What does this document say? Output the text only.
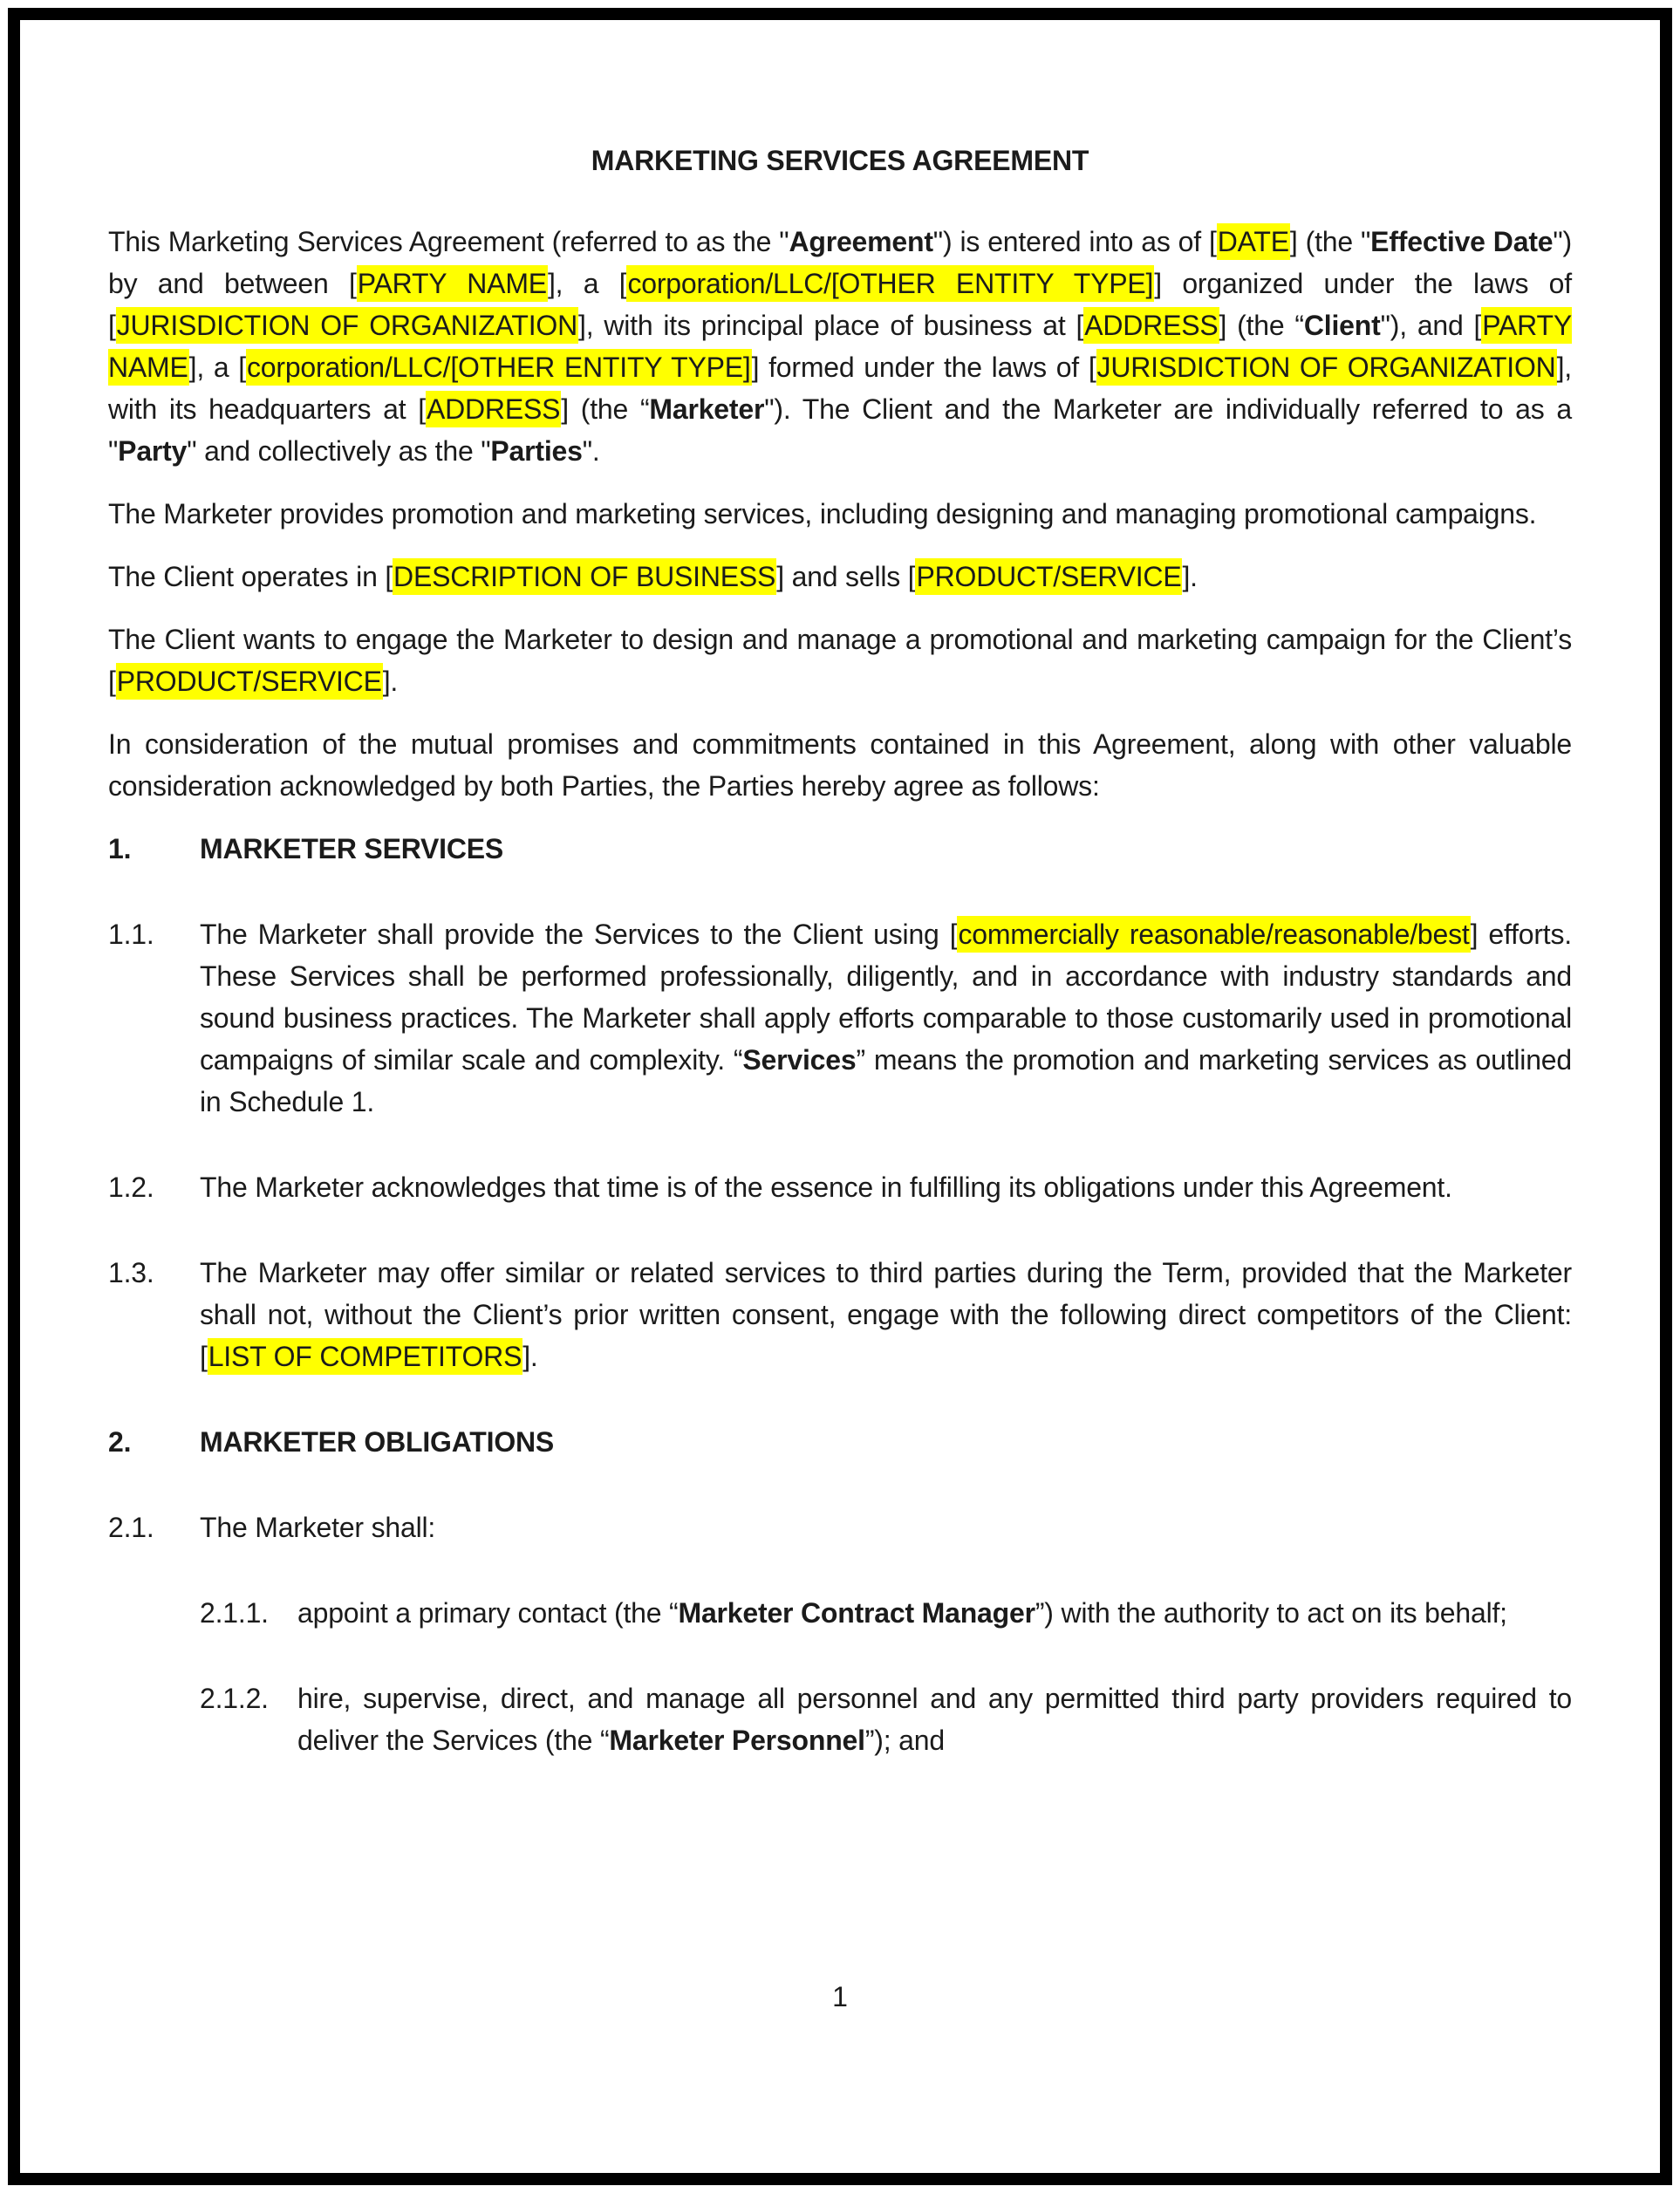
MARKETING SERVICES AGREEMENT

This Marketing Services Agreement (referred to as the "Agreement") is entered into as of [DATE] (the "Effective Date") by and between [PARTY NAME], a [corporation/LLC/[OTHER ENTITY TYPE]] organized under the laws of [JURISDICTION OF ORGANIZATION], with its principal place of business at [ADDRESS] (the “Client"), and [PARTY NAME], a [corporation/LLC/[OTHER ENTITY TYPE]] formed under the laws of [JURISDICTION OF ORGANIZATION], with its headquarters at [ADDRESS] (the “Marketer"). The Client and the Marketer are individually referred to as a "Party" and collectively as the "Parties".

The Marketer provides promotion and marketing services, including designing and managing promotional campaigns.

The Client operates in [DESCRIPTION OF BUSINESS] and sells [PRODUCT/SERVICE].

The Client wants to engage the Marketer to design and manage a promotional and marketing campaign for the Client’s [PRODUCT/SERVICE].

In consideration of the mutual promises and commitments contained in this Agreement, along with other valuable consideration acknowledged by both Parties, the Parties hereby agree as follows:

1. MARKETER SERVICES
1.1. The Marketer shall provide the Services to the Client using [commercially reasonable/reasonable/best] efforts. These Services shall be performed professionally, diligently, and in accordance with industry standards and sound business practices. The Marketer shall apply efforts comparable to those customarily used in promotional campaigns of similar scale and complexity. “Services” means the promotion and marketing services as outlined in Schedule 1.
1.2. The Marketer acknowledges that time is of the essence in fulfilling its obligations under this Agreement.
1.3. The Marketer may offer similar or related services to third parties during the Term, provided that the Marketer shall not, without the Client’s prior written consent, engage with the following direct competitors of the Client: [LIST OF COMPETITORS].
2. MARKETER OBLIGATIONS
2.1. The Marketer shall:
2.1.1. appoint a primary contact (the “Marketer Contract Manager”) with the authority to act on its behalf;
2.1.2. hire, supervise, direct, and manage all personnel and any permitted third party providers required to deliver the Services (the “Marketer Personnel”); and
1
